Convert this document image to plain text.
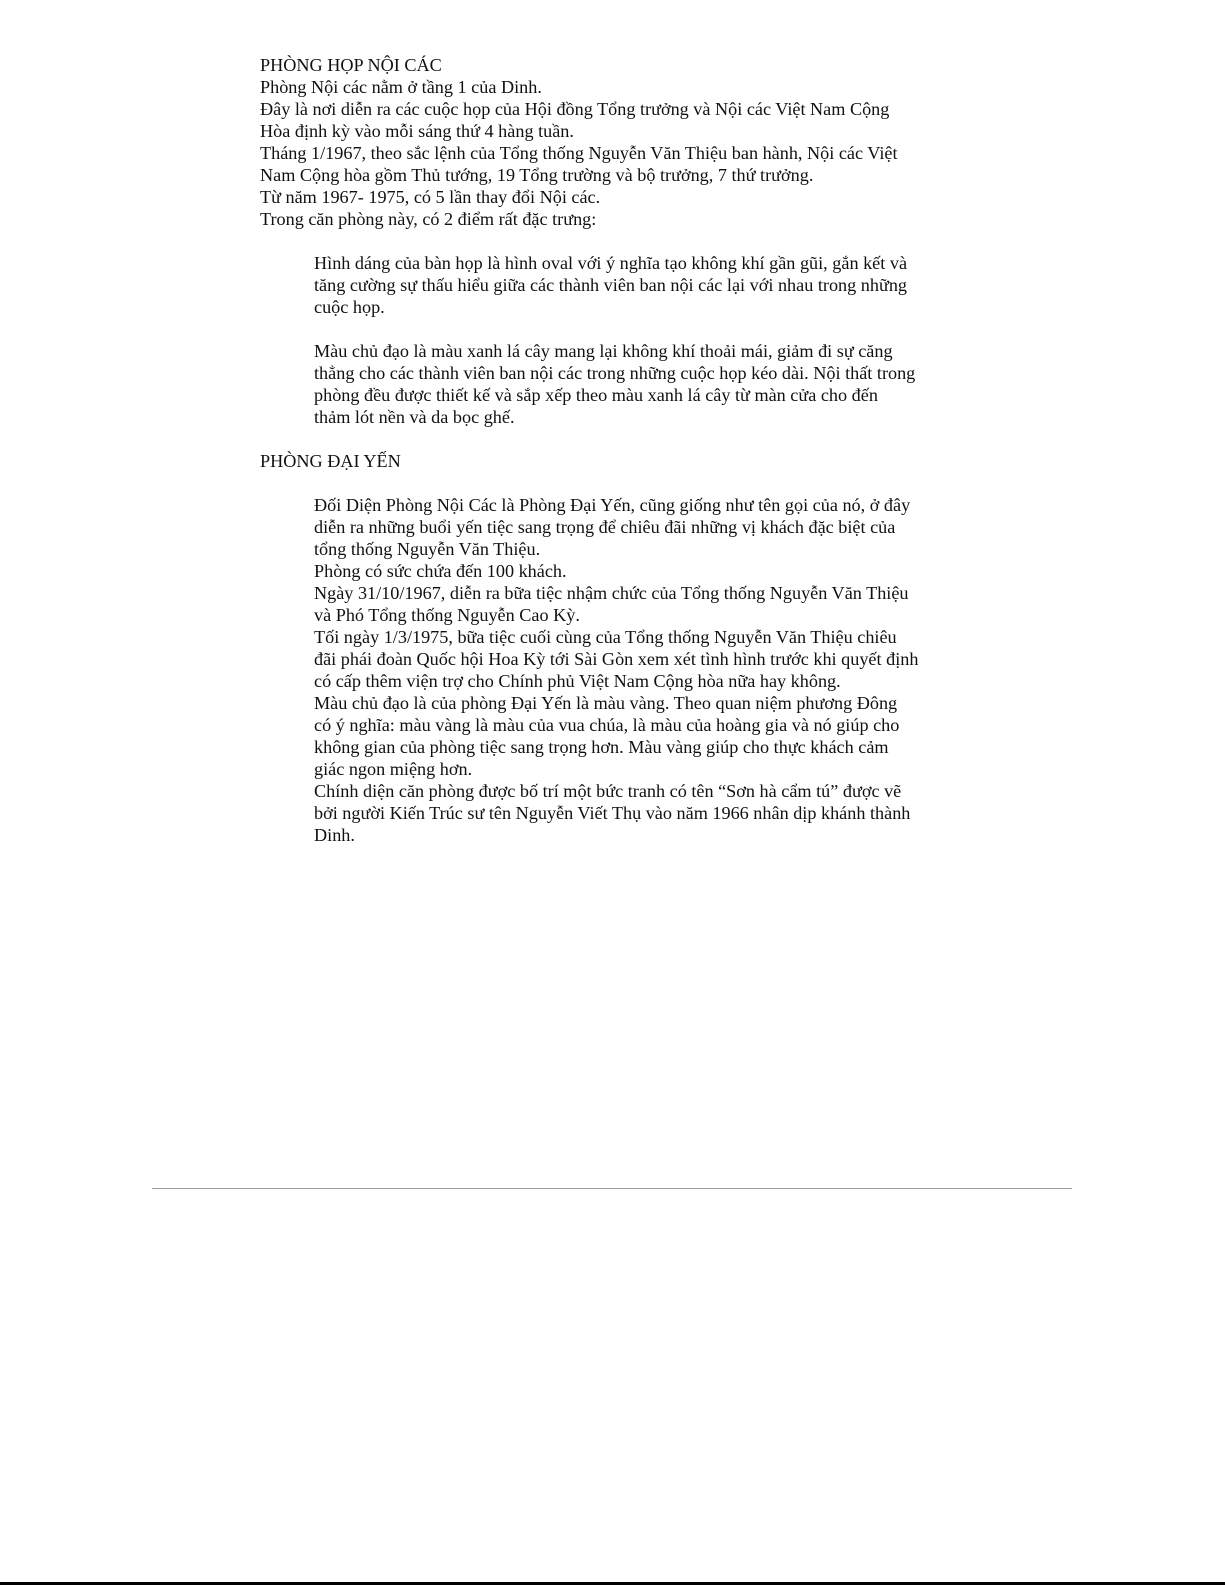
PHÒNG HỌP NỘI CÁC

Phòng Nội các nằm ở tầng 1 của Dinh.

Đây là nơi diễn ra các cuộc họp của Hội đồng Tổng trưởng và Nội các Việt Nam Cộng

Hòa định kỳ vào mỗi sáng thứ 4 hàng tuần.

Tháng 1/1967, theo sắc lệnh của Tổng thống Nguyễn Văn Thiệu ban hành, Nội các Việt

Nam Cộng hòa gồm Thủ tướng, 19 Tổng trường và bộ trưởng, 7 thứ trưởng.

Từ năm 1967- 1975, có 5 lần thay đổi Nội các.

Trong căn phòng này, có 2 điểm rất đặc trưng:

Hình dáng của bàn họp là hình oval với ý nghĩa tạo không khí gần gũi, gắn kết và

tăng cường sự thấu hiểu giữa các thành viên ban nội các lại với nhau trong những

cuộc họp.

Màu chủ đạo là màu xanh lá cây mang lại không khí thoải mái, giảm đi sự căng

thẳng cho các thành viên ban nội các trong những cuộc họp kéo dài. Nội thất trong

phòng đều được thiết kế và sắp xếp theo màu xanh lá cây từ màn cửa cho đến

thảm lót nền và da bọc ghế.

PHÒNG ĐẠI YẾN

Đối Diện Phòng Nội Các là Phòng Đại Yến, cũng giống như tên gọi của nó, ở đây

diễn ra những buổi yến tiệc sang trọng để chiêu đãi những vị khách đặc biệt của

tổng thống Nguyễn Văn Thiệu.

Phòng có sức chứa đến 100 khách.

Ngày 31/10/1967, diễn ra bữa tiệc nhậm chức của Tổng thống Nguyễn Văn Thiệu

và Phó Tổng thống Nguyễn Cao Kỳ.

Tối ngày 1/3/1975, bữa tiệc cuối cùng của Tổng thống Nguyễn Văn Thiệu chiêu

đãi phái đoàn Quốc hội Hoa Kỳ tới Sài Gòn xem xét tình hình trước khi quyết định

có cấp thêm viện trợ cho Chính phủ Việt Nam Cộng hòa nữa hay không.

Màu chủ đạo là của phòng Đại Yến là màu vàng. Theo quan niệm phương Đông

có ý nghĩa: màu vàng là màu của vua chúa, là màu của hoàng gia và nó giúp cho

không gian của phòng tiệc sang trọng hơn. Màu vàng giúp cho thực khách cảm

giác ngon miệng hơn.

Chính diện căn phòng được bố trí một bức tranh có tên “Sơn hà cẩm tú” được vẽ

bởi người Kiến Trúc sư tên Nguyễn Viết Thụ vào năm 1966 nhân dịp khánh thành

Dinh.
